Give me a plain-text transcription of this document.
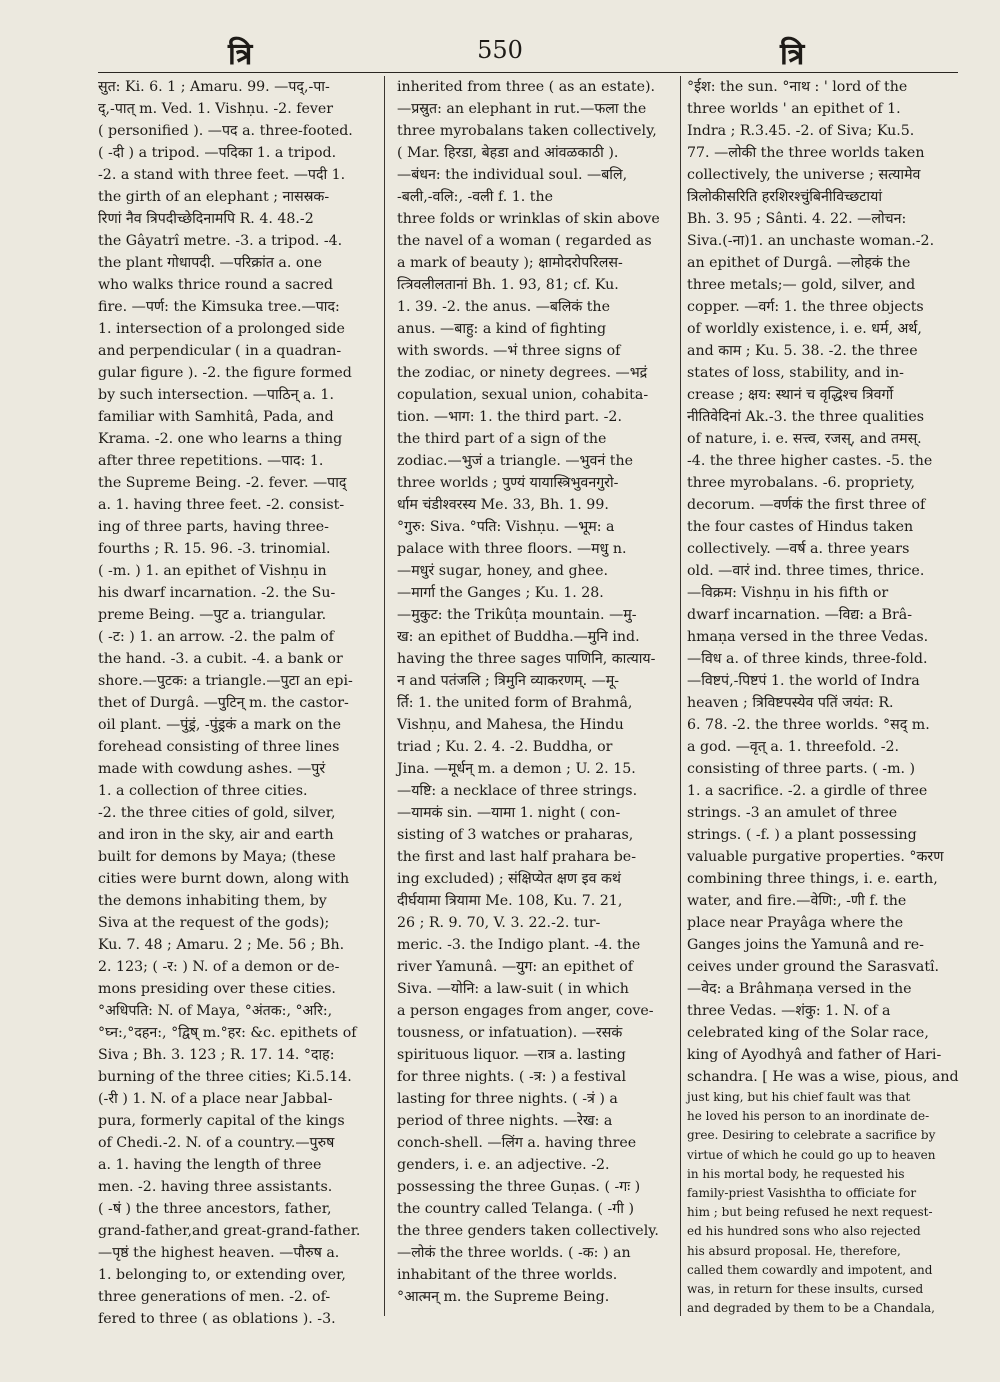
त्रि	550	त्रि

सुत: Ki. 6. 1 ; Amaru. 99. —पद्,-पा-

द्,-पात् m. Ved. 1. Vishṇu. -2. fever

( personified ). —पद a. three-footed.

( -दी ) a tripod. —पदिका 1. a tripod.

-2. a stand with three feet. —पदी 1.

the girth of an elephant ; नासस्रक-

रिणां नैव त्रिपदीच्छेदिनामपि R. 4. 48.-2

the Gâyatrî metre. -3. a tripod. -4.

the plant गोधापदी. —परिक्रांत a. one

who walks thrice round a sacred

fire. —पर्ण: the Kimsuka tree.—पाद:

1. intersection of a prolonged side

and perpendicular ( in a quadran-

gular figure ). -2. the figure formed

by such intersection. —पाठिन् a. 1.

familiar with Samhitâ, Pada, and

Krama. -2. one who learns a thing

after three repetitions. —पाद: 1.

the Supreme Being. -2. fever. —पाद्

a. 1. having three feet. -2. consist-

ing of three parts, having three-

fourths ; R. 15. 96. -3. trinomial.

( -m. ) 1. an epithet of Vishṇu in

his dwarf incarnation. -2. the Su-

preme Being. —पुट a. triangular.

( -ट: ) 1. an arrow. -2. the palm of

the hand. -3. a cubit. -4. a bank or

shore.—पुटक: a triangle.—पुटा an epi-

thet of Durgâ. —पुटिन् m. the castor-

oil plant. —पुंड्रं, -पुंड्रकं a mark on the

forehead consisting of three lines

made with cowdung ashes. —पुरं

1. a collection of three cities.

-2. the three cities of gold, silver,

and iron in the sky, air and earth

built for demons by Maya; (these

cities were burnt down, along with

the demons inhabiting them, by

Siva at the request of the gods);

Ku. 7. 48 ; Amaru. 2 ; Me. 56 ; Bh.

2. 123; ( -र: ) N. of a demon or de-

mons presiding over these cities.

°अधिपति: N. of Maya, °अंतक:, °अरि:,

°घ्न:,°दहन:, °द्विष् m.°हर: &c. epithets of

Siva ; Bh. 3. 123 ; R. 17. 14. °दाह:

burning of the three cities; Ki.5.14.

(-री ) 1. N. of a place near Jabbal-

pura, formerly capital of the kings

of Chedi.-2. N. of a country.—पुरुष

a. 1. having the length of three

men. -2. having three assistants.

( -षं ) the three ancestors, father,

grand-father,and great-grand-father.

—पृष्ठं the highest heaven. —पौरुष a.

1. belonging to, or extending over,

three generations of men. -2. of-

fered to three ( as oblations ). -3.

inherited from three ( as an estate).

—प्रस्रुत: an elephant in rut.—फला the

three myrobalans taken collectively,

( Mar. हिरडा, बेहडा and आंवळकाठी ).

—बंधन: the individual soul. —बलि,

-बली,-वलि:, -वली f. 1. the

three folds or wrinklas of skin above

the navel of a woman ( regarded as

a mark of beauty ); क्षामोदरोपरिलस-

त्त्रिवलीलतानां Bh. 1. 93, 81; cf. Ku.

1. 39. -2. the anus. —बलिकं the

anus. —बाहु: a kind of fighting

with swords. —भं three signs of

the zodiac, or ninety degrees. —भद्रं

copulation, sexual union, cohabita-

tion. —भाग: 1. the third part. -2.

the third part of a sign of the

zodiac.—भुजं a triangle. —भुवनं the

three worlds ; पुण्यं यायास्त्रिभुवनगुरो-

र्धाम चंडीश्वरस्य Me. 33, Bh. 1. 99.

°गुरु: Siva. °पति: Vishṇu. —भूम: a

palace with three floors. —मधु n.

—मधुरं sugar, honey, and ghee.

—मार्गा the Ganges ; Ku. 1. 28.

—मुकुट: the Trikûṭa mountain. —मु-

ख: an epithet of Buddha.—मुनि ind.

having the three sages पाणिनि, कात्याय-

न and पतंजलि ; त्रिमुनि व्याकरणम्. —मू-

र्ति: 1. the united form of Brahmâ,

Vishṇu, and Mahesa, the Hindu

triad ; Ku. 2. 4. -2. Buddha, or

Jina. —मूर्धन् m. a demon ; U. 2. 15.

—यष्टि: a necklace of three strings.

—यामकं sin. —यामा 1. night ( con-

sisting of 3 watches or praharas,

the first and last half prahara be-

ing excluded) ; संक्षिप्येत क्षण इव कथं

दीर्घयामा त्रियामा Me. 108, Ku. 7. 21,

26 ; R. 9. 70, V. 3. 22.-2. tur-

meric. -3. the Indigo plant. -4. the

river Yamunâ. —युग: an epithet of

Siva. —योनि: a law-suit ( in which

a person engages from anger, cove-

tousness, or infatuation). —रसकं

spirituous liquor. —रात्र a. lasting

for three nights. ( -त्र: ) a festival

lasting for three nights. ( -त्रं ) a

period of three nights. —रेख: a

conch-shell. —लिंग a. having three

genders, i. e. an adjective. -2.

possessing the three Guṇas. ( -गः )

the country called Telanga. ( -गी )

the three genders taken collectively.

—लोकं the three worlds. ( -क: ) an

inhabitant of the three worlds.

°आत्मन् m. the Supreme Being.

°ईश: the sun. °नाथ : ' lord of the

three worlds ' an epithet of 1.

Indra ; R.3.45. -2. of Siva; Ku.5.

77. —लोकी the three worlds taken

collectively, the universe ; सत्यामेव

त्रिलोकीसरिति हरशिरश्चुंबिनीविच्छटायां

Bh. 3. 95 ; Sânti. 4. 22. —लोचन:

Siva.(-ना)1. an unchaste woman.-2.

an epithet of Durgâ. —लोहकं the

three metals;— gold, silver, and

copper. —वर्ग: 1. the three objects

of worldly existence, i. e. धर्म, अर्थ,

and काम ; Ku. 5. 38. -2. the three

states of loss, stability, and in-

crease ; क्षय: स्थानं च वृद्धिश्च त्रिवर्गो

नीतिवेदिनां Ak.-3. the three qualities

of nature, i. e. सत्त्व, रजस्, and तमस्.

-4. the three higher castes. -5. the

three myrobalans. -6. propriety,

decorum. —वर्णकं the first three of

the four castes of Hindus taken

collectively. —वर्ष a. three years

old. —वारं ind. three times, thrice.

—विक्रम: Vishṇu in his fifth or

dwarf incarnation. —विद्य: a Brâ-

hmaṇa versed in the three Vedas.

—विध a. of three kinds, three-fold.

—विष्टपं,-पिष्टपं 1. the world of Indra

heaven ; त्रिविष्टपस्येव पतिं जयंत: R.

6. 78. -2. the three worlds. °सद् m.

a god. —वृत् a. 1. threefold. -2.

consisting of three parts. ( -m. )

1. a sacrifice. -2. a girdle of three

strings. -3 an amulet of three

strings. ( -f. ) a plant possessing

valuable purgative properties. °करण

combining three things, i. e. earth,

water, and fire.—वेणि:, -णी f. the

place near Prayâga where the

Ganges joins the Yamunâ and re-

ceives under ground the Sarasvatî.

—वेद: a Brâhmaṇa versed in the

three Vedas. —शंकु: 1. N. of a

celebrated king of the Solar race,

king of Ayodhyâ and father of Hari-

schandra. [ He was a wise, pious, and

just king, but his chief fault was that

he loved his person to an inordinate de-

gree. Desiring to celebrate a sacrifice by

virtue of which he could go up to heaven

in his mortal body, he requested his

family-priest Vasishtha to officiate for

him ; but being refused he next request-

ed his hundred sons who also rejected

his absurd proposal. He, therefore,

called them cowardly and impotent, and

was, in return for these insults, cursed

and degraded by them to be a Chandala,
